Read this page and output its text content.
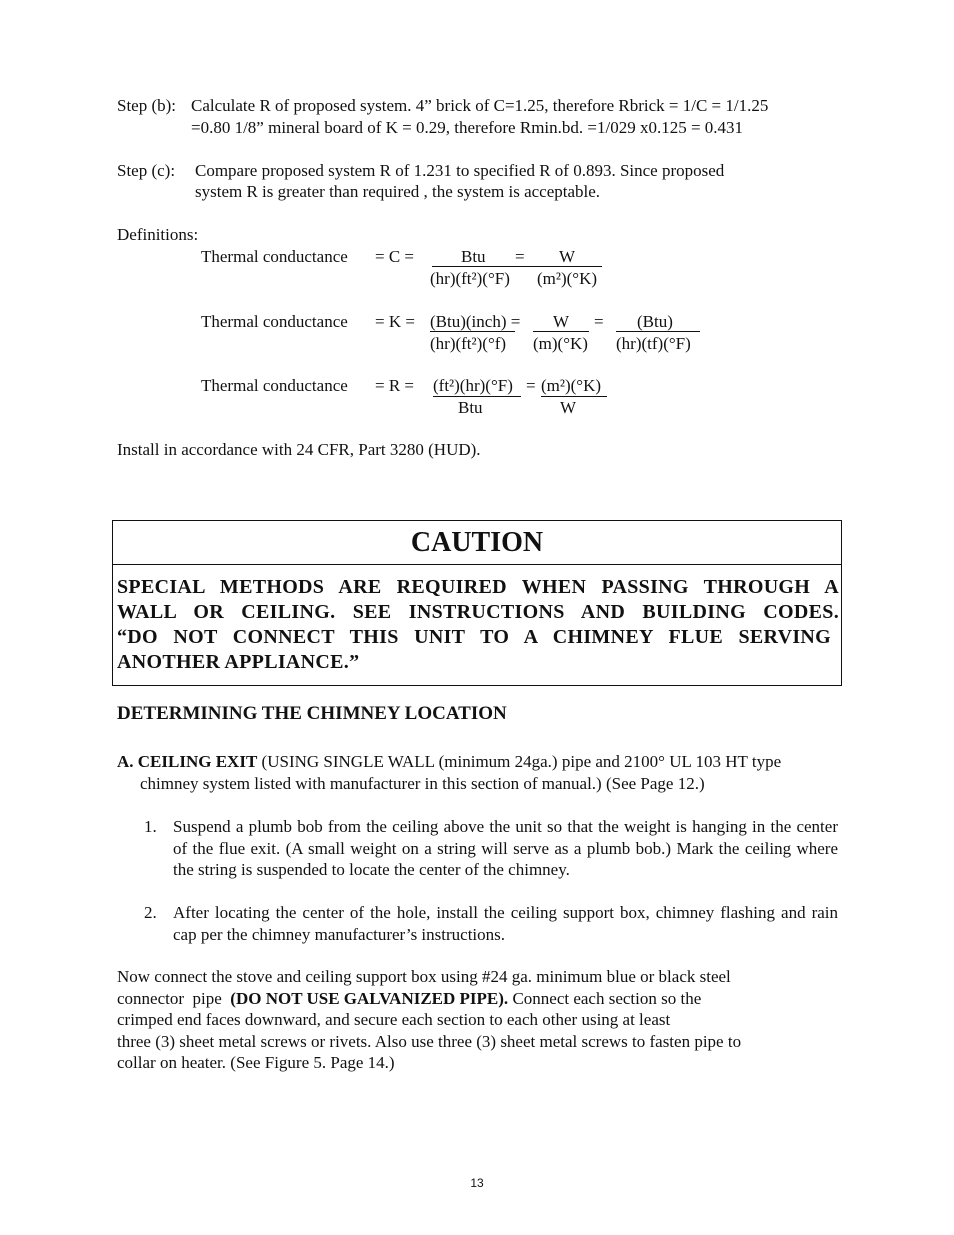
Step (b): Calculate R of proposed system. 4” brick of C=1.25, therefore Rbrick = 1/C = 1/1.25
=0.80 1/8” mineral board of K = 0.29, therefore Rmin.bd. =1/029 x0.125 = 0.431
Step (c): Compare proposed system R of 1.231 to specified R of 0.893. Since proposed
system R is greater than required , the system is acceptable.
Definitions:
Thermal conductance = C =	Btu = W
(hr)(ft²)(°F) (m²)(°K)
Thermal conductance = K = (Btu)(inch) = W = (Btu)
(hr)(ft²)(°f) (m)(°K) (hr)(tf)(°F)
Thermal conductance = R = (ft²)(hr)(°F) = (m²)(°K)
Btu	W
Install in accordance with 24 CFR, Part 3280 (HUD).
CAUTION
SPECIAL METHODS ARE REQUIRED WHEN PASSING THROUGH A
WALL OR CEILING. SEE INSTRUCTIONS AND BUILDING CODES.
“DO NOT CONNECT THIS UNIT TO A CHIMNEY FLUE SERVING
ANOTHER APPLIANCE.”
DETERMINING THE CHIMNEY LOCATION
A. CEILING EXIT (USING SINGLE WALL (minimum 24ga.) pipe and 2100° UL 103 HT type
chimney system listed with manufacturer in this section of manual.) (See Page 12.)
1. Suspend a plumb bob from the ceiling above the unit so that the weight is hanging in the center of the flue exit. (A small weight on a string will serve as a plumb bob.) Mark the ceiling where the string is suspended to locate the center of the chimney.
2. After locating the center of the hole, install the ceiling support box, chimney flashing and rain cap per the chimney manufacturer’s instructions.
Now connect the stove and ceiling support box using #24 ga. minimum blue or black steel
connector  pipe  (DO NOT USE GALVANIZED PIPE). Connect each section so the
crimped end faces downward, and secure each section to each other using at least
three (3) sheet metal screws or rivets. Also use three (3) sheet metal screws to fasten pipe to
collar on heater. (See Figure 5. Page 14.)
13
